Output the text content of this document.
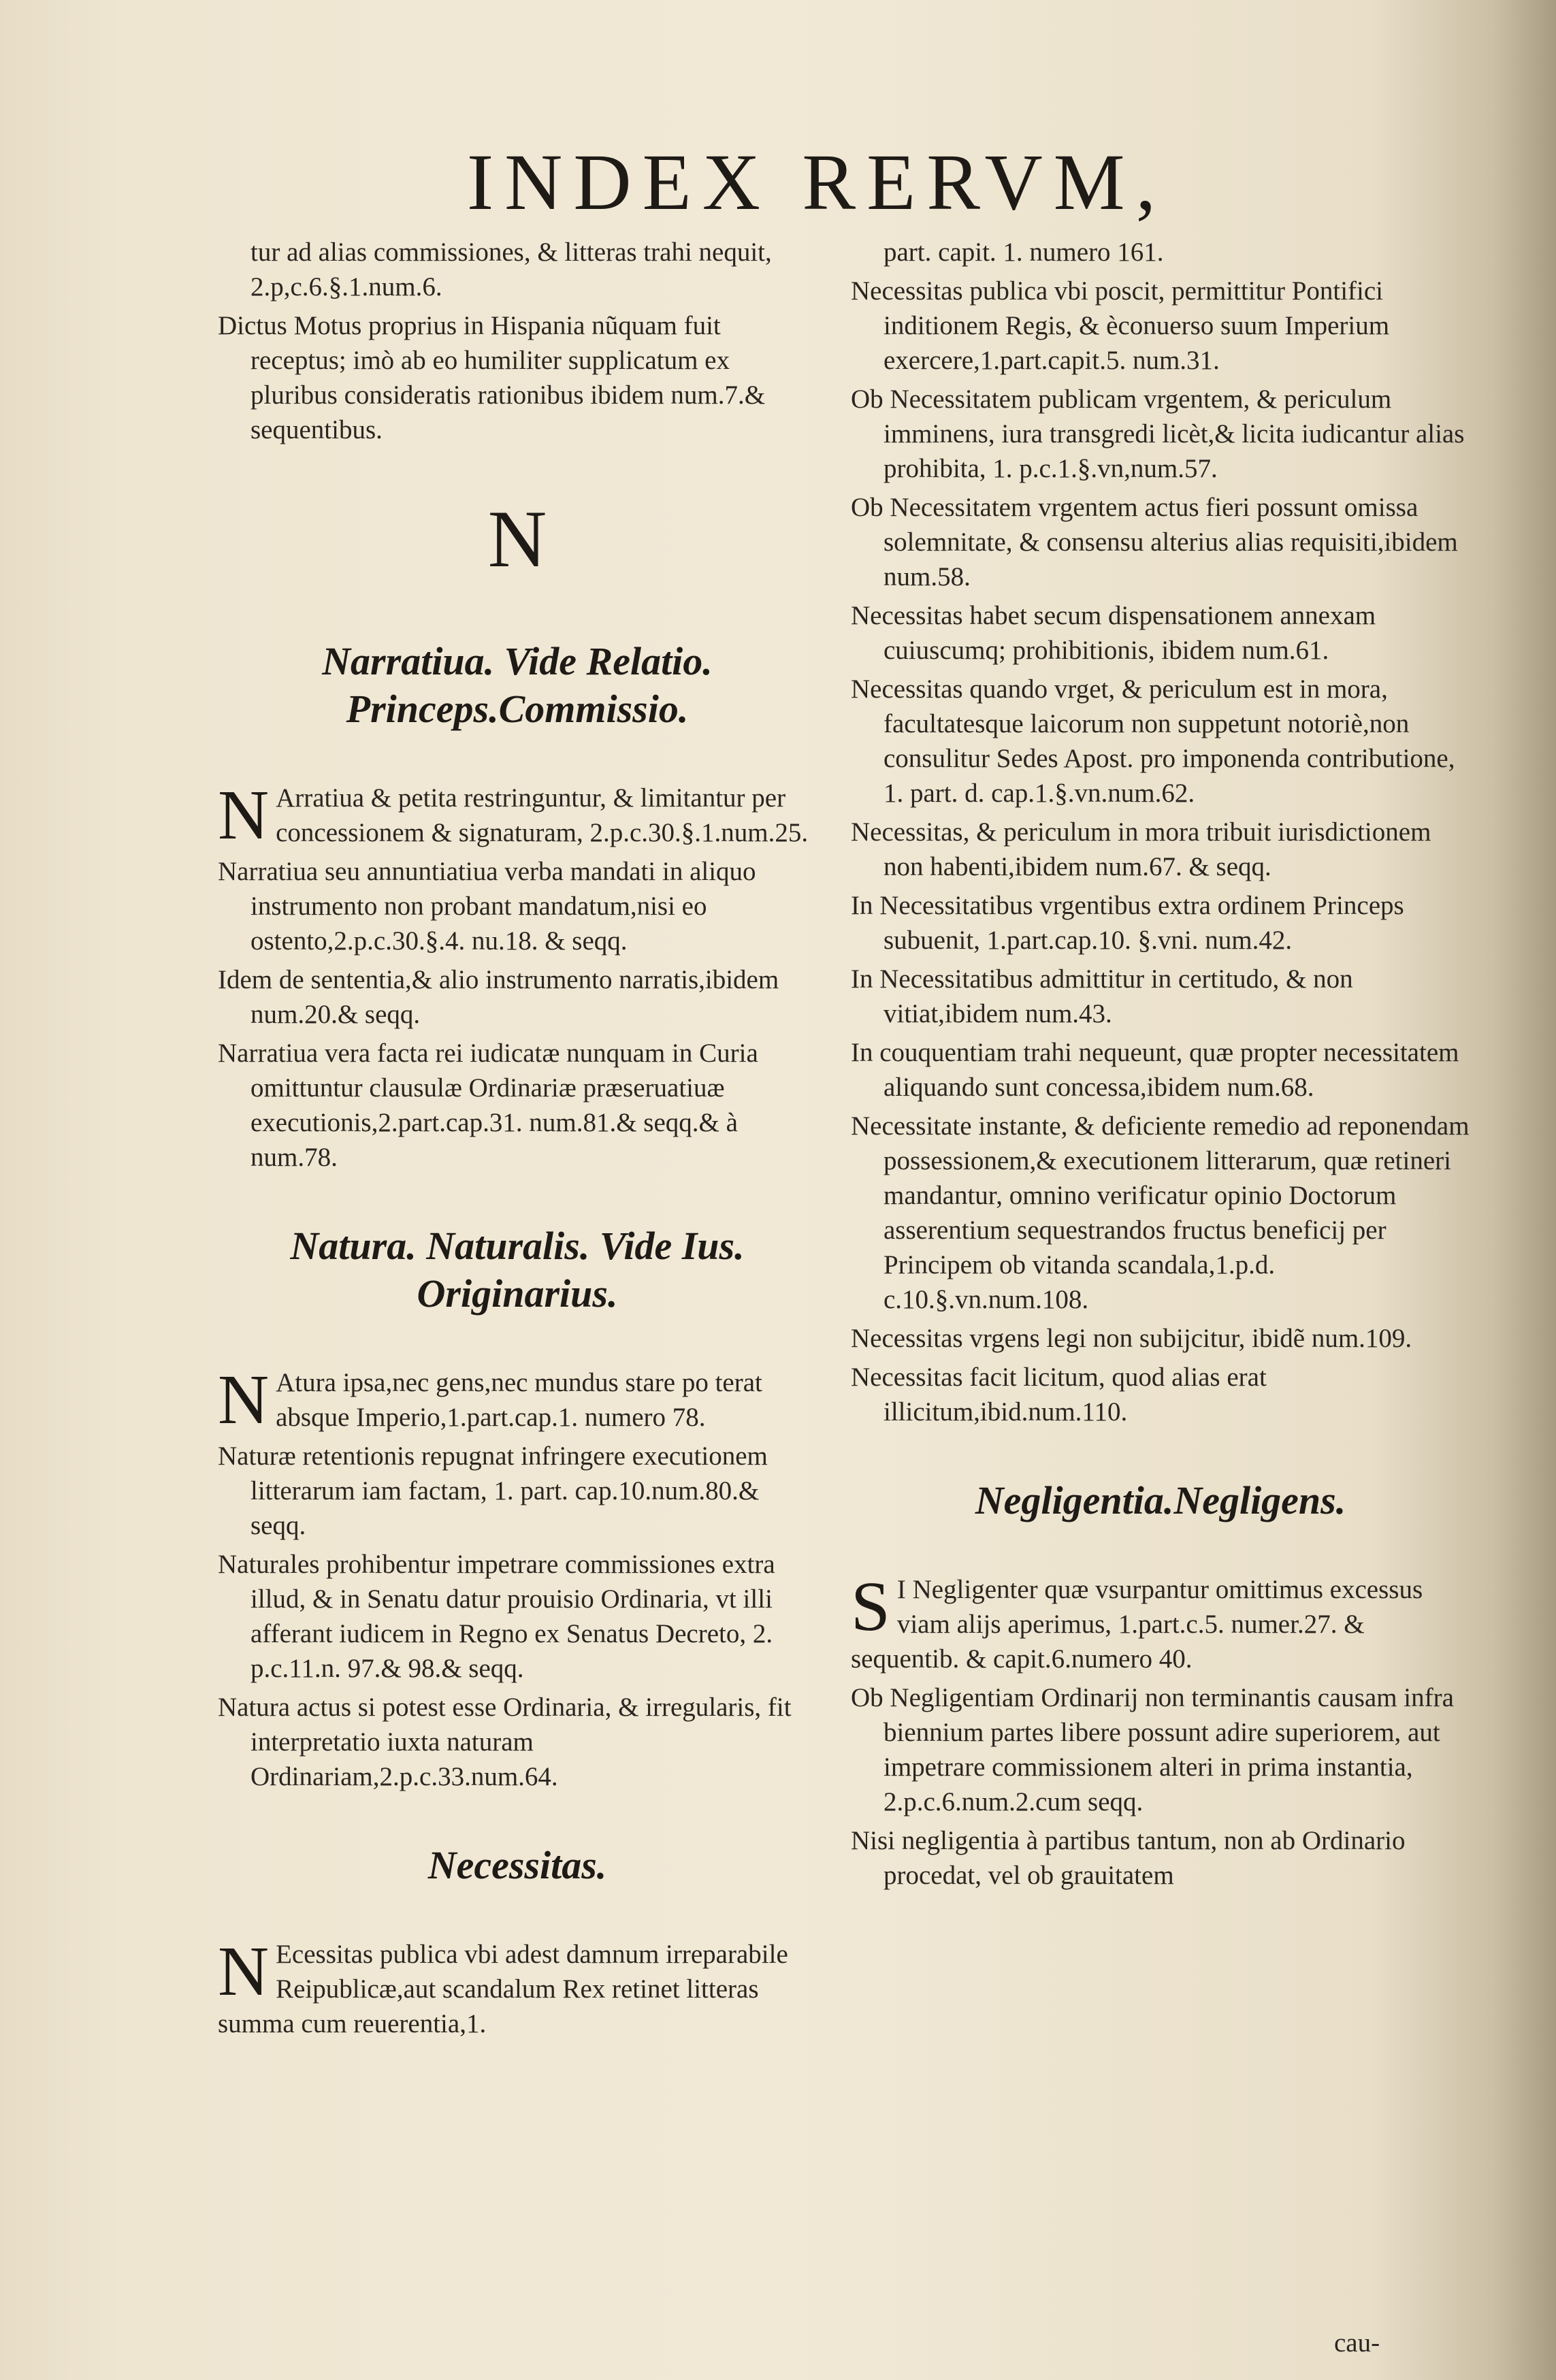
INDEX RERVM,
tur ad alias commissiones, & litteras trahi nequit, 2.p,c.6.§.1.num.6.
Dictus Motus proprius in Hispania nũquam fuit receptus; imò ab eo humiliter supplicatum ex pluribus consideratis rationibus ibidem num.7.& sequentibus.
N
Narratiua. Vide Relatio. Princeps.Commissio.
N Arratiua & petita restringuntur, & limitantur per concessionem & signaturam, 2.p.c.30.§.1.num.25.
Narratiua seu annuntiatiua verba mandati in aliquo instrumento non probant mandatum,nisi eo ostento,2.p.c.30.§.4. nu.18. & seqq.
Idem de sententia,& alio instrumento narratis,ibidem num.20.& seqq.
Narratiua vera facta rei iudicatæ nunquam in Curia omittuntur clausulæ Ordinariæ præseruatiuæ executionis,2.part.cap.31. num.81.& seqq.& à num.78.
Natura. Naturalis. Vide Ius. Originarius.
N Atura ipsa,nec gens,nec mundus stare po terat absque Imperio,1.part.cap.1. numero 78.
Naturæ retentionis repugnat infringere executionem litterarum iam factam, 1. part. cap.10.num.80.& seqq.
Naturales prohibentur impetrare commissiones extra illud, & in Senatu datur prouisio Ordinaria, vt illi afferant iudicem in Regno ex Senatus Decreto, 2. p.c.11.n. 97.& 98.& seqq.
Natura actus si potest esse Ordinaria, & irregularis, fit interpretatio iuxta naturam Ordinariam,2.p.c.33.num.64.
Necessitas.
N Ecessitas publica vbi adest damnum irreparabile Reipublicæ,aut scandalum Rex retinet litteras summa cum reuerentia,1.
part. capit. 1. numero 161.
Necessitas publica vbi poscit, permittitur Pontifici inditionem Regis, & èconuerso suum Imperium exercere,1.part.capit.5. num.31.
Ob Necessitatem publicam vrgentem, & periculum imminens, iura transgredi licèt,& licita iudicantur alias prohibita, 1. p.c.1.§.vn,num.57.
Ob Necessitatem vrgentem actus fieri possunt omissa solemnitate, & consensu alterius alias requisiti,ibidem num.58.
Necessitas habet secum dispensationem annexam cuiuscumq; prohibitionis, ibidem num.61.
Necessitas quando vrget, & periculum est in mora, facultatesque laicorum non suppetunt notoriè,non consulitur Sedes Apost. pro imponenda contributione, 1. part. d. cap.1.§.vn.num.62.
Necessitas, & periculum in mora tribuit iurisdictionem non habenti,ibidem num.67. & seqq.
In Necessitatibus vrgentibus extra ordinem Princeps subuenit, 1.part.cap.10. §.vni. num.42.
In Necessitatibus admittitur in certitudo, & non vitiat,ibidem num.43.
In couquentiam trahi nequeunt, quæ propter necessitatem aliquando sunt concessa,ibidem num.68.
Necessitate instante, & deficiente remedio ad reponendam possessionem,& executionem litterarum, quæ retineri mandantur, omnino verificatur opinio Doctorum asserentium sequestrandos fructus beneficij per Principem ob vitanda scandala,1.p.d. c.10.§.vn.num.108.
Necessitas vrgens legi non subijcitur, ibidẽ num.109.
Necessitas facit licitum, quod alias erat illicitum,ibid.num.110.
Negligentia.Negligens.
S I Negligenter quæ vsurpantur omittimus excessus viam alijs aperimus, 1.part.c.5. numer.27. & sequentib. & capit.6.numero 40.
Ob Negligentiam Ordinarij non terminantis causam infra biennium partes libere possunt adire superiorem, aut impetrare commissionem alteri in prima instantia, 2.p.c.6.num.2.cum seqq.
Nisi negligentia à partibus tantum, non ab Ordinario procedat, vel ob grauitatem
cau-
